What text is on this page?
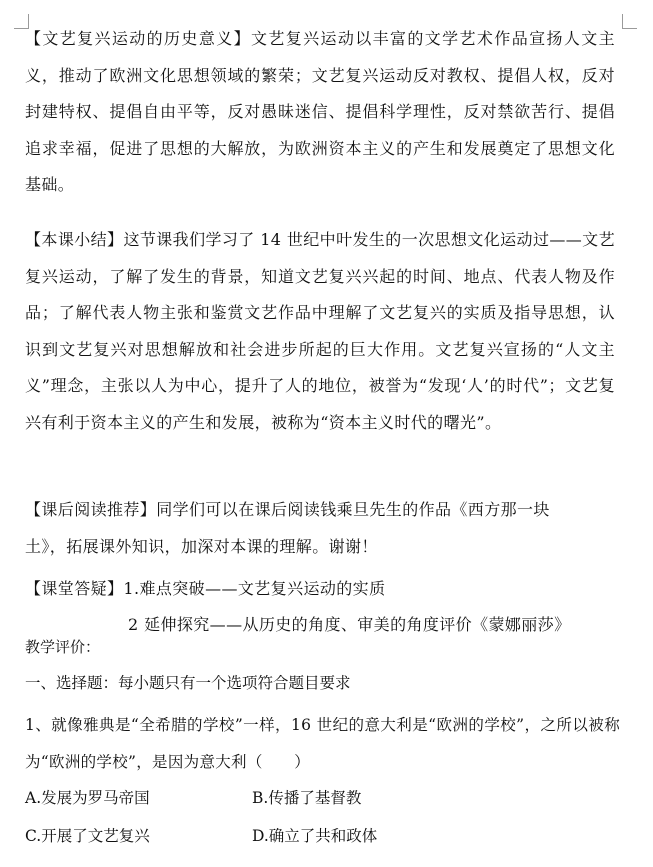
【文艺复兴运动的历史意义】文艺复兴运动以丰富的文学艺术作品宣扬人文主义，推动了欧洲文化思想领域的繁荣；文艺复兴运动反对教权、提倡人权，反对封建特权、提倡自由平等，反对愚昧迷信、提倡科学理性，反对禁欲苦行、提倡追求幸福，促进了思想的大解放，为欧洲资本主义的产生和发展奠定了思想文化基础。
【本课小结】这节课我们学习了 14 世纪中叶发生的一次思想文化运动过——文艺复兴运动，了解了发生的背景，知道文艺复兴兴起的时间、地点、代表人物及作品；了解代表人物主张和鉴赏文艺作品中理解了文艺复兴的实质及指导思想，认识到文艺复兴对思想解放和社会进步所起的巨大作用。文艺复兴宣扬的“人文主义”理念，主张以人为中心，提升了人的地位，被誉为“发现‘人’的时代”；文艺复兴有利于资本主义的产生和发展，被称为“资本主义时代的曙光”。
【课后阅读推荐】同学们可以在课后阅读钱乘旦先生的作品《西方那一块
土》，拓展课外知识，加深对本课的理解。谢谢！
【课堂答疑】1.难点突破——文艺复兴运动的实质
2 延伸探究——从历史的角度、审美的角度评价《蒙娜丽莎》
教学评价：
一、选择题：每小题只有一个选项符合题目要求
1、就像雅典是“全希腊的学校”一样，16 世纪的意大利是“欧洲的学校”，之所以被称为“欧洲的学校”，是因为意大利（　　）
A.发展为罗马帝国	B.传播了基督教
C.开展了文艺复兴	D.确立了共和政体
